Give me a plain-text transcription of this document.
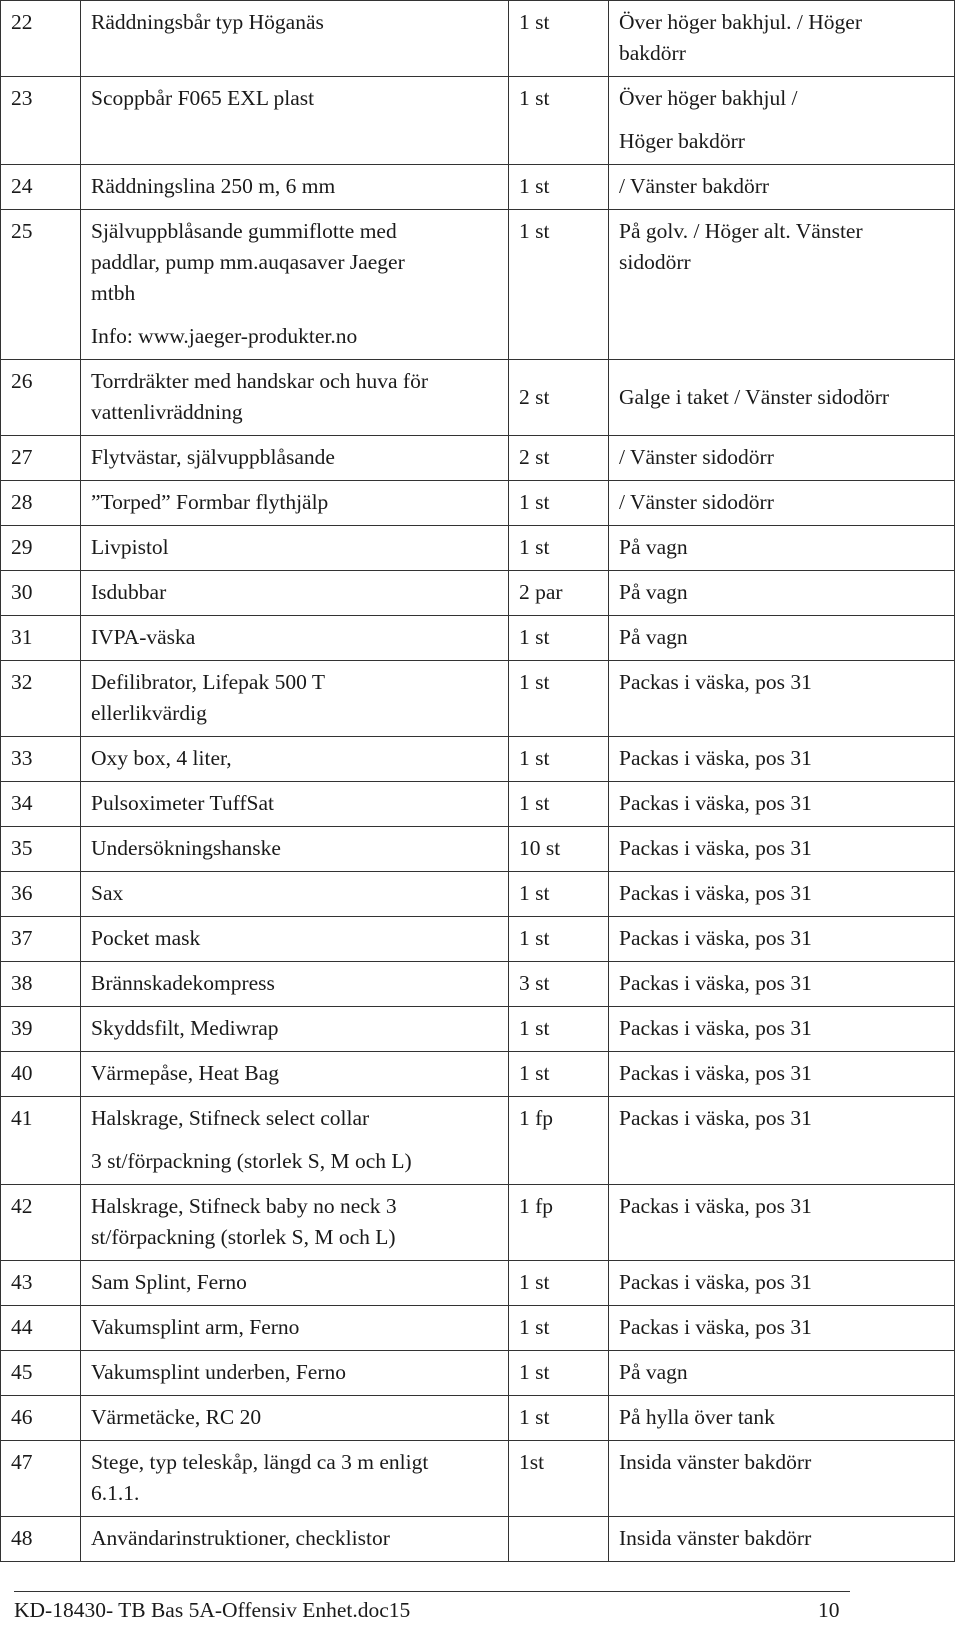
22	Räddningsbår typ Höganäs	1 st	Över höger bakhjul. / Höger
bakdörr

23	Scoppbår F065 EXL plast	1 st	Över höger bakhjul /
Höger bakdörr

24	Räddningslina 250 m, 6 mm	1 st	/ Vänster bakdörr

25	Självuppblåsande gummiflotte med
paddlar, pump mm.auqasaver Jaeger
mtbh
Info: www.jaeger-produkter.no	1 st	På golv. / Höger alt. Vänster
sidodörr

26	Torrdräkter med handskar och huva för
vattenlivräddning	2 st	Galge i taket / Vänster sidodörr

27	Flytvästar, självuppblåsande	2 st	/ Vänster sidodörr

28	”Torped” Formbar flythjälp	1 st	/ Vänster sidodörr

29	Livpistol	1 st	På vagn

30	Isdubbar	2 par	På vagn

31	IVPA-väska	1 st	På vagn

32	Defilibrator, Lifepak 500 T
ellerlikvärdig	1 st	Packas i väska, pos 31

33	Oxy box, 4 liter,	1 st	Packas i väska, pos 31

34	Pulsoximeter TuffSat	1 st	Packas i väska, pos 31

35	Undersökningshanske	10 st	Packas i väska, pos 31

36	Sax	1 st	Packas i väska, pos 31

37	Pocket mask	1 st	Packas i väska, pos 31

38	Brännskadekompress	3 st	Packas i väska, pos 31

39	Skyddsfilt, Mediwrap	1 st	Packas i väska, pos 31

40	Värmepåse, Heat Bag	1 st	Packas i väska, pos 31

41	Halskrage, Stifneck select collar
3 st/förpackning (storlek S, M och L)	1 fp	Packas i väska, pos 31

42	Halskrage, Stifneck baby no neck 3
st/förpackning (storlek S, M och L)	1 fp	Packas i väska, pos 31

43	Sam Splint, Ferno	1 st	Packas i väska, pos 31

44	Vakumsplint arm, Ferno	1 st	Packas i väska, pos 31

45	Vakumsplint underben, Ferno	1 st	På vagn

46	Värmetäcke, RC 20	1 st	På hylla över tank

47	Stege, typ teleskåp, längd ca 3 m enligt
6.1.1.	1st	Insida vänster bakdörr

48	Användarinstruktioner, checklistor		Insida vänster bakdörr
KD-18430- TB Bas 5A-Offensiv Enhet.doc15	10
